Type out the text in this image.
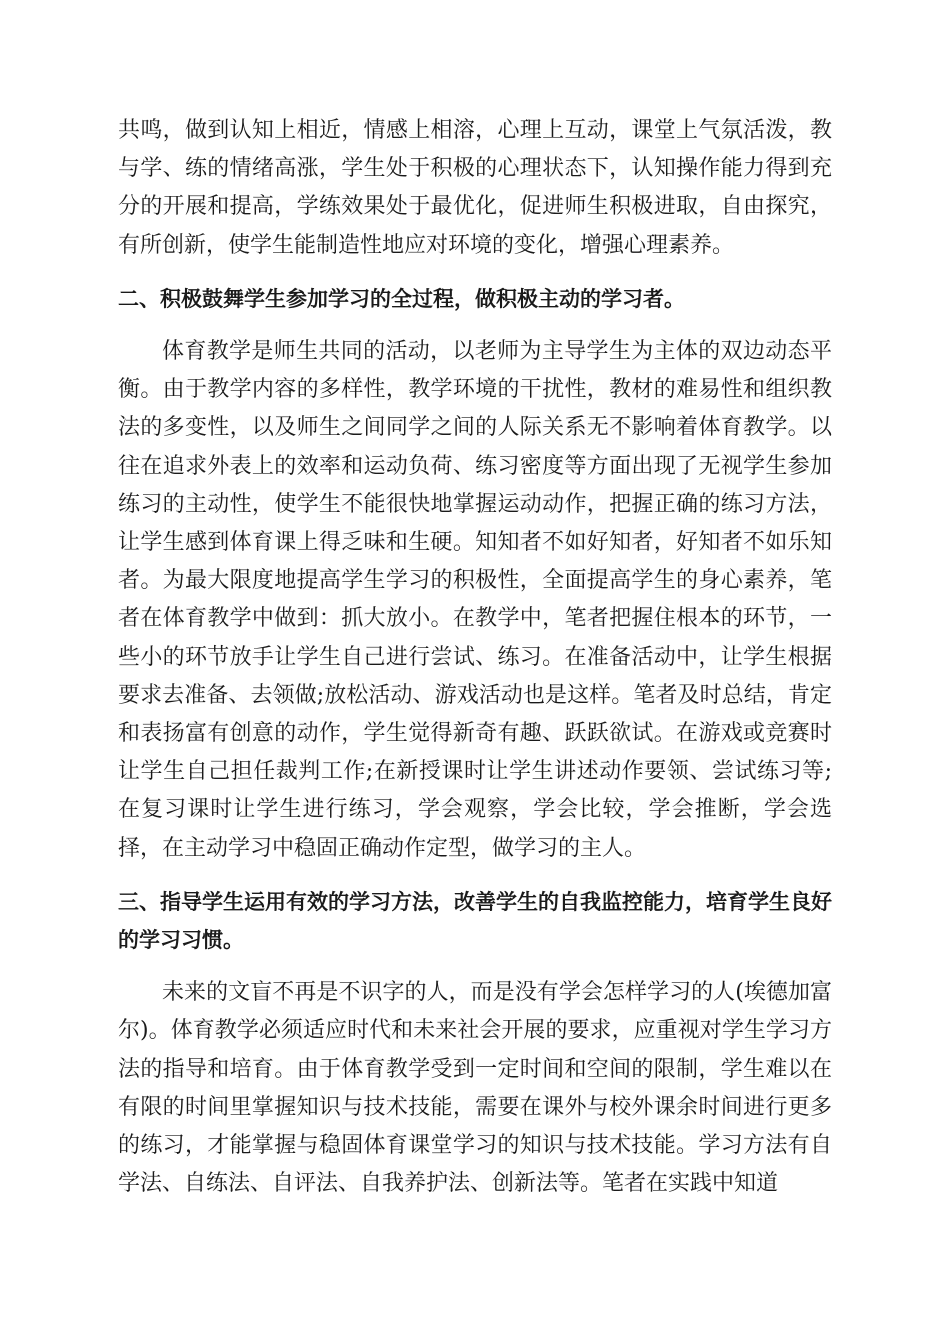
共鸣，做到认知上相近，情感上相溶，心理上互动，课堂上气氛活泼，教与学、练的情绪高涨，学生处于积极的心理状态下，认知操作能力得到充分的开展和提高，学练效果处于最优化，促进师生积极进取，自由探究，有所创新，使学生能制造性地应对环境的变化，增强心理素养。

二、积极鼓舞学生参加学习的全过程，做积极主动的学习者。

体育教学是师生共同的活动，以老师为主导学生为主体的双边动态平衡。由于教学内容的多样性，教学环境的干扰性，教材的难易性和组织教法的多变性，以及师生之间同学之间的人际关系无不影响着体育教学。以往在追求外表上的效率和运动负荷、练习密度等方面出现了无视学生参加练习的主动性，使学生不能很快地掌握运动动作，把握正确的练习方法，让学生感到体育课上得乏味和生硬。知知者不如好知者，好知者不如乐知者。为最大限度地提高学生学习的积极性，全面提高学生的身心素养，笔者在体育教学中做到：抓大放小。在教学中，笔者把握住根本的环节，一些小的环节放手让学生自己进行尝试、练习。在准备活动中，让学生根据要求去准备、去领做;放松活动、游戏活动也是这样。笔者及时总结，肯定和表扬富有创意的动作，学生觉得新奇有趣、跃跃欲试。在游戏或竞赛时让学生自己担任裁判工作;在新授课时让学生讲述动作要领、尝试练习等;在复习课时让学生进行练习，学会观察，学会比较，学会推断，学会选择，在主动学习中稳固正确动作定型，做学习的主人。

三、指导学生运用有效的学习方法，改善学生的自我监控能力，培育学生良好的学习习惯。

未来的文盲不再是不识字的人，而是没有学会怎样学习的人(埃德加富尔)。体育教学必须适应时代和未来社会开展的要求，应重视对学生学习方法的指导和培育。由于体育教学受到一定时间和空间的限制，学生难以在有限的时间里掌握知识与技术技能，需要在课外与校外课余时间进行更多的练习，才能掌握与稳固体育课堂学习的知识与技术技能。学习方法有自学法、自练法、自评法、自我养护法、创新法等。笔者在实践中知道
